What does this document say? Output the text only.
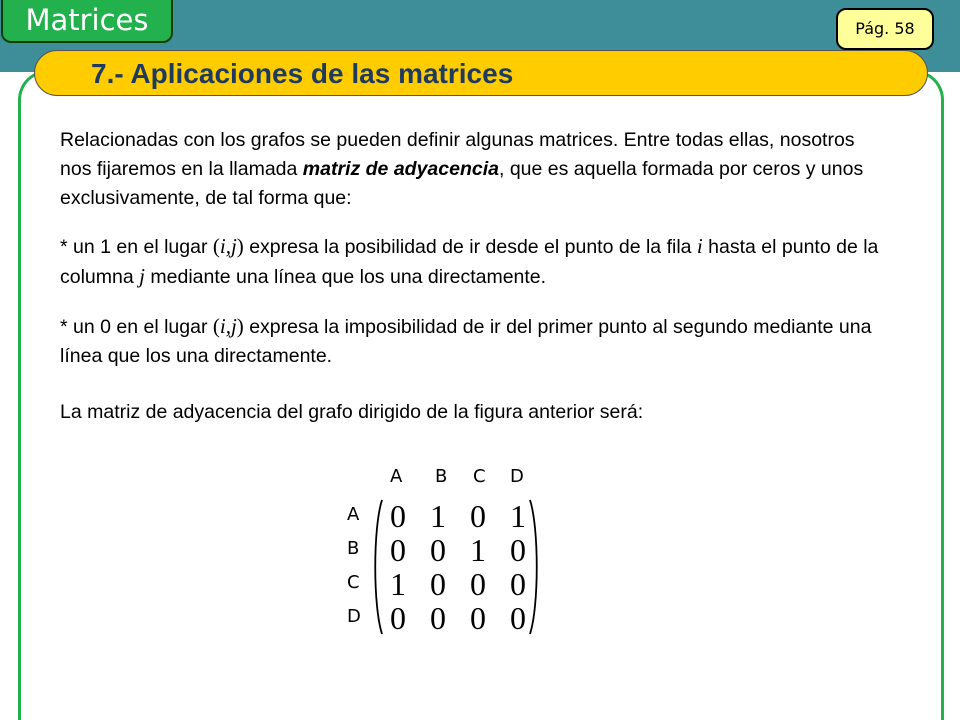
Matrices	Pág. 58
7.- Aplicaciones de las matrices

Relacionadas con los grafos se pueden definir algunas matrices. Entre todas ellas, nosotros nos fijaremos en la llamada matriz de adyacencia, que es aquella formada por ceros y unos exclusivamente, de tal forma que:

* un 1 en el lugar (i,j) expresa la posibilidad de ir desde el punto de la fila i hasta el punto de la columna j mediante una línea que los una directamente.

* un 0 en el lugar (i,j) expresa la imposibilidad de ir del primer punto al segundo mediante una línea que los una directamente.

La matriz de adyacencia del grafo dirigido de la figura anterior será:

A B C D
A
B
C
D
0 1 0 1
0 0 1 0
1 0 0 0
0 0 0 0
